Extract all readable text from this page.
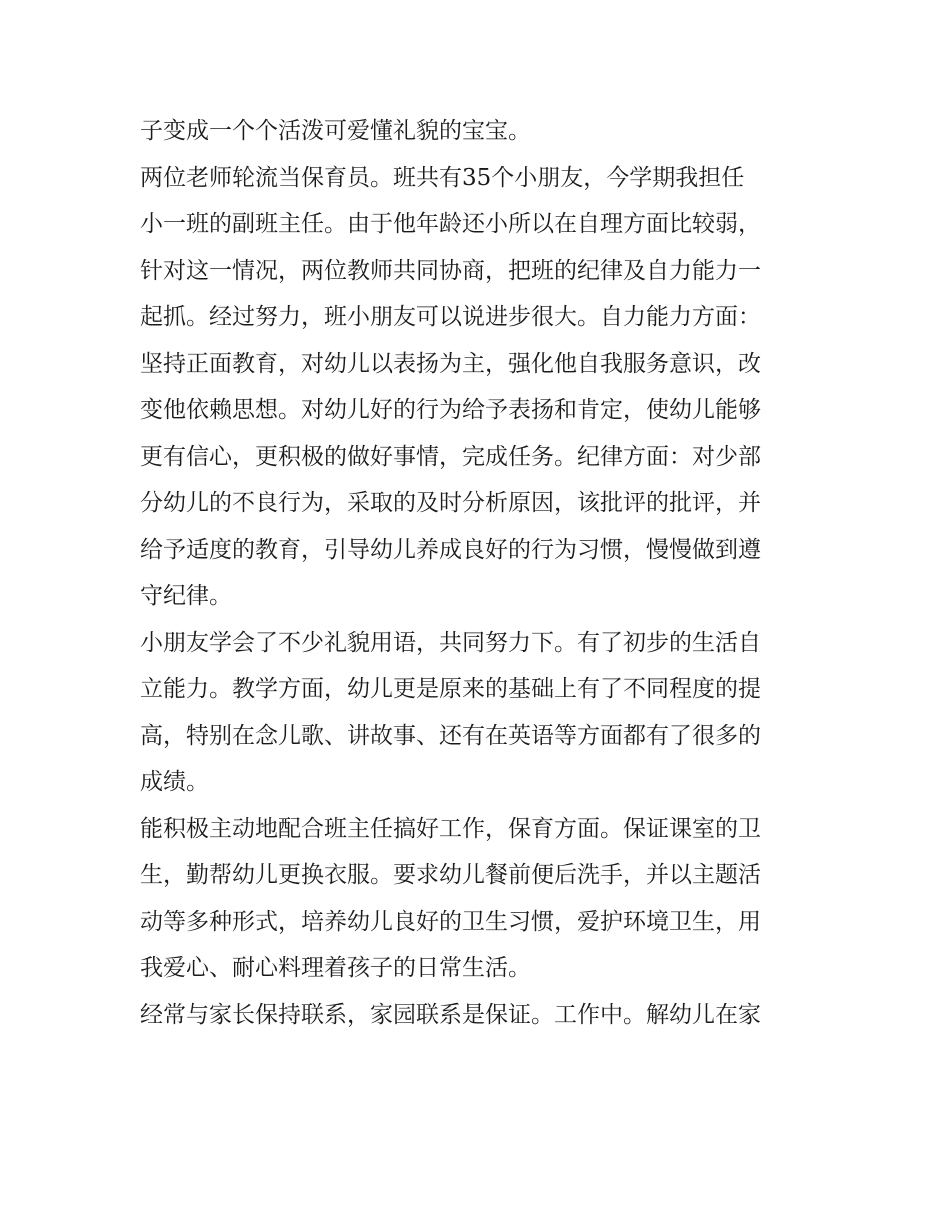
子变成一个个活泼可爱懂礼貌的宝宝。
两位老师轮流当保育员。班共有35个小朋友，今学期我担任
小一班的副班主任。由于他年龄还小所以在自理方面比较弱，
针对这一情况，两位教师共同协商，把班的纪律及自力能力一
起抓。经过努力，班小朋友可以说进步很大。自力能力方面：
坚持正面教育，对幼儿以表扬为主，强化他自我服务意识，改
变他依赖思想。对幼儿好的行为给予表扬和肯定，使幼儿能够
更有信心，更积极的做好事情，完成任务。纪律方面：对少部
分幼儿的不良行为，采取的及时分析原因，该批评的批评，并
给予适度的教育，引导幼儿养成良好的行为习惯，慢慢做到遵
守纪律。
小朋友学会了不少礼貌用语，共同努力下。有了初步的生活自
立能力。教学方面，幼儿更是原来的基础上有了不同程度的提
高，特别在念儿歌、讲故事、还有在英语等方面都有了很多的
成绩。
能积极主动地配合班主任搞好工作，保育方面。保证课室的卫
生，勤帮幼儿更换衣服。要求幼儿餐前便后洗手，并以主题活
动等多种形式，培养幼儿良好的卫生习惯，爱护环境卫生，用
我爱心、耐心料理着孩子的日常生活。
经常与家长保持联系，家园联系是保证。工作中。解幼儿在家
